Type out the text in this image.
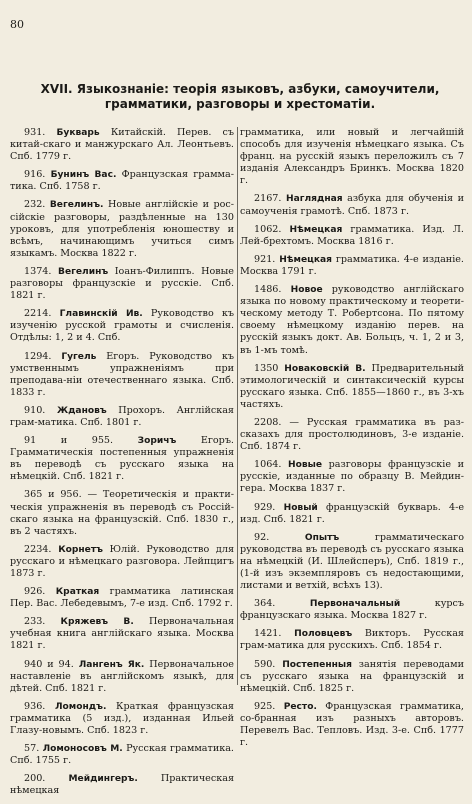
80
XVII. Языкознаніе: теорія языковъ, азбуки, самоучители, грамматики, разговоры и хрестоматіи.

931. Букварь Китайскій. Перев. съ китай-скаго и манжурскаго Ал. Леонтьевъ. Спб. 1779 г.

916. Бунинъ Вас. Французская грамма-тика. Спб. 1758 г.

232. Вегелинъ. Новые англійскіе и рос-сійскіе разговоры, раздѣленные на 130 уроковъ, для употребленія юношеству и всѣмъ, начинающимъ учиться симъ языкамъ. Москва 1822 г.

1374. Вегелинъ Іоанъ-Филиппъ. Новые разговоры французскіе и русскіе. Спб. 1821 г.

2214. Главинскій Ив. Руководство къ изученію русской грамоты и счисленія. Отдѣлы: 1, 2 и 4. Спб.

1294. Гугель Егоръ. Руководство къ умственнымъ упражненіямъ при преподава-ніи отечественнаго языка. Спб. 1833 г.

910. Ждановъ Прохоръ. Англійская грам-матика. Спб. 1801 г.

91 и 955.	Зоричъ	Егоръ. Грамматическія постепенныя упражненія въ переводѣ съ русскаго языка на нѣмецкій. Спб. 1821 г.

365 и 956. — Теоретическія и практи-ческія упражненія въ переводѣ съ Россій-скаго языка на французскій. Спб. 1830 г., въ 2 частяхъ.

2234. Корнетъ Юлій. Руководство для русскаго и нѣмецкаго разговора. Лейпцигъ 1873 г.

926. Краткая грамматика латинская Пер. Вас. Лебедевымъ, 7-е изд. Спб. 1792 г.

233. Кряжевъ В. Первоначальная учебная книга англійскаго языка. Москва 1821 г.

940 и 94. Лангенъ Як. Первоначальное наставленіе въ англійскомъ языкѣ, для дѣтей. Спб. 1821 г.

936. Ломондъ. Краткая французская грамматика (5 изд.), изданная Ильей Глазу-новымъ. Спб. 1823 г.

57. Ломоносовъ М. Русская грамматика. Спб. 1755 г.

200.	Мейдингеръ. Практическая нѣмецкая

грамматика, или новый и легчайшій способъ для изученія нѣмецкаго языка. Съ франц. на русскій языкъ переложилъ съ 7 изданія Александръ Бринкъ. Москва 1820 г.

2167. Наглядная азбука для обученія и самоученія грамотѣ. Спб. 1873 г.

1062. Нѣмецкая грамматика. Изд. Л. Лей-брехтомъ. Москва 1816 г.

921. Нѣмецкая грамматика. 4-е изданіе. Москва 1791 г.

1486. Новое руководство англійскаго языка по новому практическому и теорети-ческому методу Т. Робертсона. По пятому своему нѣмецкому изданію перев. на русскій языкъ докт. Ав. Больцъ, ч. 1, 2 и 3, въ 1-мъ томѣ.

1350 Новаковскій В. Предварительный этимологическій и синтаксическій курсы русскаго языка. Спб. 1855—1860 г., въ 3-хъ частяхъ.

2208. — Русская грамматика въ раз-сказахъ для простолюдиновъ, 3-е изданіе. Спб. 1874 г.

1064. Новые разговоры французскіе и русскіе, изданные по образцу В. Мейдин-гера. Москва 1837 г.

929. Новый французскій букварь. 4-е изд. Спб. 1821 г.

92.	Опытъ	грамматическаго руководства въ переводѣ съ русскаго языка на нѣмецкій (И. Шлейсперъ), Спб. 1819 г., (1-й изъ экземпляровъ съ недостающими, листами и ветхій, всѣхъ 13).

364.	Первоначальный	курсъ французскаго языка. Москва 1827 г.

1421. Половцевъ Викторъ. Русская грам-матика для русскихъ. Спб. 1854 г.

590. Постепенныя занятія переводами съ русскаго языка на французскій и нѣмецкій. Спб. 1825 г.

925. Ресто. Французская грамматика, со-бранная изъ разныхъ авторовъ. Перевелъ Вас. Тепловъ. Изд. 3-е. Спб. 1777 г.
